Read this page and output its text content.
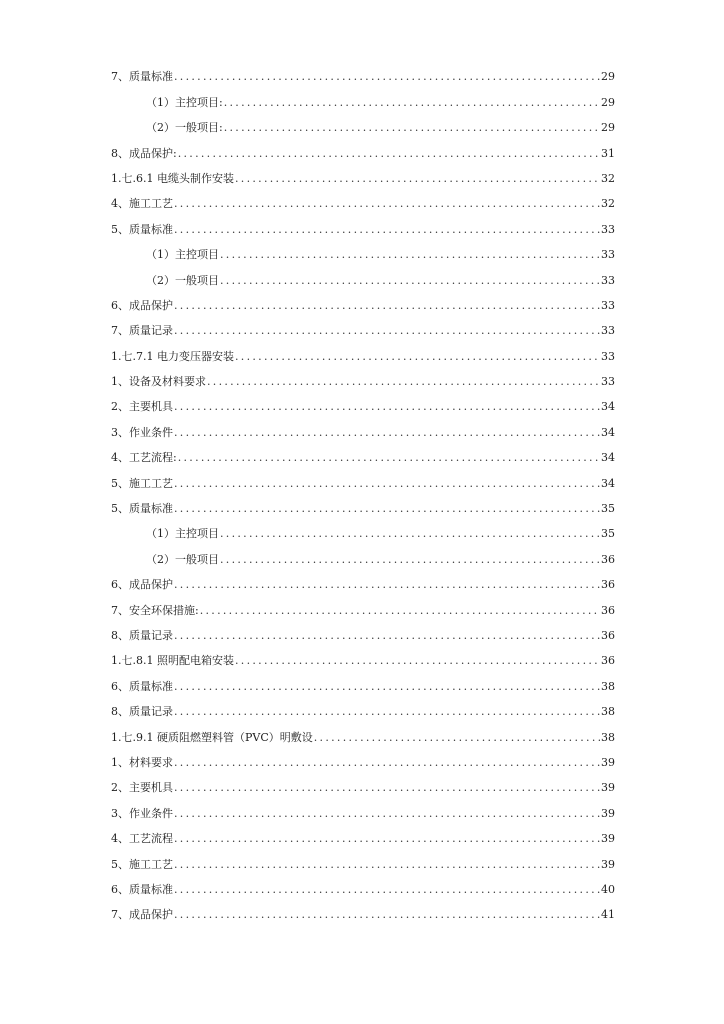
7、质量标准 . . .	29
（1）主控项目: . . .	29
（2）一般项目: . . .	29
8、成品保护: . . .	31
1.七.6.1 电缆头制作安装 . . .	32
4、施工工艺 . . .	32
5、质量标准 . . .	33
（1）主控项目 . . .	33
（2）一般项目 . . .	33
6、成品保护 . . .	33
7、质量记录 . . .	33
1.七.7.1 电力变压器安装 . . .	33
1、设备及材料要求 . . .	33
2、主要机具 . . .	34
3、作业条件 . . .	34
4、工艺流程: . . .	34
5、施工工艺 . . .	34
5、质量标准 . . .	35
（1）主控项目 . . .	35
（2）一般项目 . . .	36
6、成品保护 . . .	36
7、安全环保措施: . . .	36
8、质量记录 . . .	36
1.七.8.1 照明配电箱安装 . . .	36
6、质量标准 . . .	38
8、质量记录 . . .	38
1.七.9.1 硬质阻燃塑料管（PVC）明敷设 . . .	38
1、材料要求 . . .	39
2、主要机具 . . .	39
3、作业条件 . . .	39
4、工艺流程 . . .	39
5、施工工艺 . . .	39
6、质量标准 . . .	40
7、成品保护 . . .	41
